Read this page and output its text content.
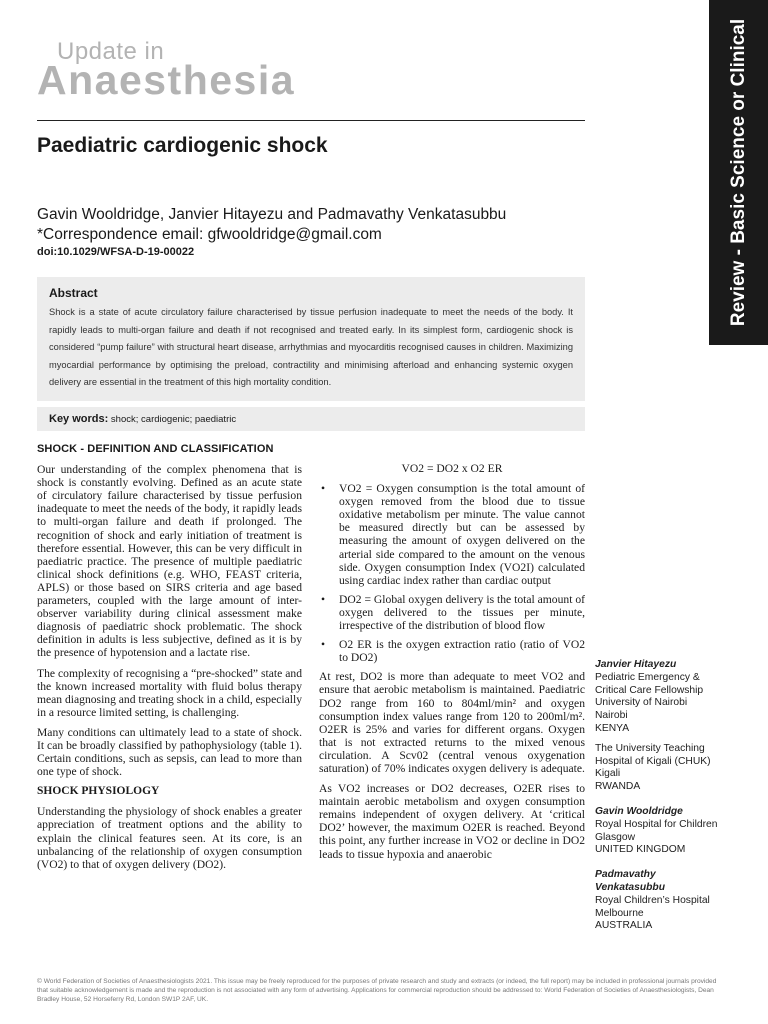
Update in
Anaesthesia	Review - Basic Science or Clinical
Paediatric cardiogenic shock
Gavin Wooldridge, Janvier Hitayezu and Padmavathy Venkatasubbu
*Correspondence email: gfwooldridge@gmail.com
doi:10.1029/WFSA-D-19-00022

Abstract

Shock is a state of acute circulatory failure characterised by tissue perfusion inadequate to meet the needs of the body. It rapidly leads to multi-organ failure and death if not recognised and treated early. In its simplest form, cardiogenic shock is considered “pump failure” with structural heart disease, arrhythmias and myocarditis recognised causes in children. Maximizing myocardial performance by optimising the preload, contractility and minimising afterload and enhancing systemic oxygen delivery are essential in the treatment of this high mortality condition.

Key words: shock; cardiogenic; paediatric

SHOCK - DEFINITION AND CLASSIFICATION

Our understanding of the complex phenomena that is shock is constantly evolving. Defined as an acute state of circulatory failure characterised by tissue perfusion inadequate to meet the needs of the body, it rapidly leads to multi-organ failure and death if prolonged. The recognition of shock and early initiation of treatment is therefore essential. However, this can be very difficult in paediatric practice. The presence of multiple paediatric clinical shock definitions (e.g. WHO, FEAST criteria, APLS) or those based on SIRS criteria and age based parameters, coupled with the large amount of inter-observer variability during clinical assessment make diagnosis of paediatric shock problematic. The shock definition in adults is less subjective, defined as it is by the presence of hypotension and a lactate rise.

The complexity of recognising a “pre-shocked” state and the known increased mortality with fluid bolus therapy mean diagnosing and treating shock in a child, especially in a resource limited setting, is challenging.

Many conditions can ultimately lead to a state of shock. It can be broadly classified by pathophysiology (table 1). Certain conditions, such as sepsis, can lead to more than one type of shock.

SHOCK PHYSIOLOGY

Understanding the physiology of shock enables a greater appreciation of treatment options and the ability to explain the clinical features seen. At its core, is an unbalancing of the relationship of oxygen consumption (VO2) to that of oxygen delivery (DO2).

VO2 = DO2 x O2 ER

• VO2 = Oxygen consumption is the total amount of oxygen removed from the blood due to tissue oxidative metabolism per minute. The value cannot be measured directly but can be assessed by measuring the amount of oxygen delivered on the arterial side compared to the amount on the venous side. Oxygen consumption Index (VO2I) calculated using cardiac index rather than cardiac output
• DO2 = Global oxygen delivery is the total amount of oxygen delivered to the tissues per minute, irrespective of the distribution of blood flow
• O2 ER is the oxygen extraction ratio (ratio of VO2 to DO2)

At rest, DO2 is more than adequate to meet VO2 and ensure that aerobic metabolism is maintained. Paediatric DO2 range from 160 to 804ml/min² and oxygen consumption index values range from 120 to 200ml/m². O2ER is 25% and varies for different organs. Oxygen that is not extracted returns to the mixed venous circulation. A Scv02 (central venous oxygenation saturation) of 70% indicates oxygen delivery is adequate.

As VO2 increases or DO2 decreases, O2ER rises to maintain aerobic metabolism and oxygen consumption remains independent of oxygen delivery. At ‘critical DO2’ however, the maximum O2ER is reached. Beyond this point, any further increase in VO2 or decline in DO2 leads to tissue hypoxia and anaerobic

Janvier Hitayezu
Pediatric Emergency &
Critical Care Fellowship
University of Nairobi
Nairobi
KENYA
The University Teaching
Hospital of Kigali (CHUK)
Kigali
RWANDA
Gavin Wooldridge
Royal Hospital for Children
Glasgow
UNITED KINGDOM
Padmavathy Venkatasubbu
Royal Children’s Hospital
Melbourne
AUSTRALIA
© World Federation of Societies of Anaesthesiologists 2021. This issue may be freely reproduced for the purposes of private research and study and extracts (or indeed, the full report) may be included in professional journals provided that suitable acknowledgement is made and the reproduction is not associated with any form of advertising. Applications for commercial reproduction should be addressed to: World Federation of Societies of Anaesthesiologists, Dean Bradley House, 52 Horseferry Rd, London SW1P 2AF, UK.
